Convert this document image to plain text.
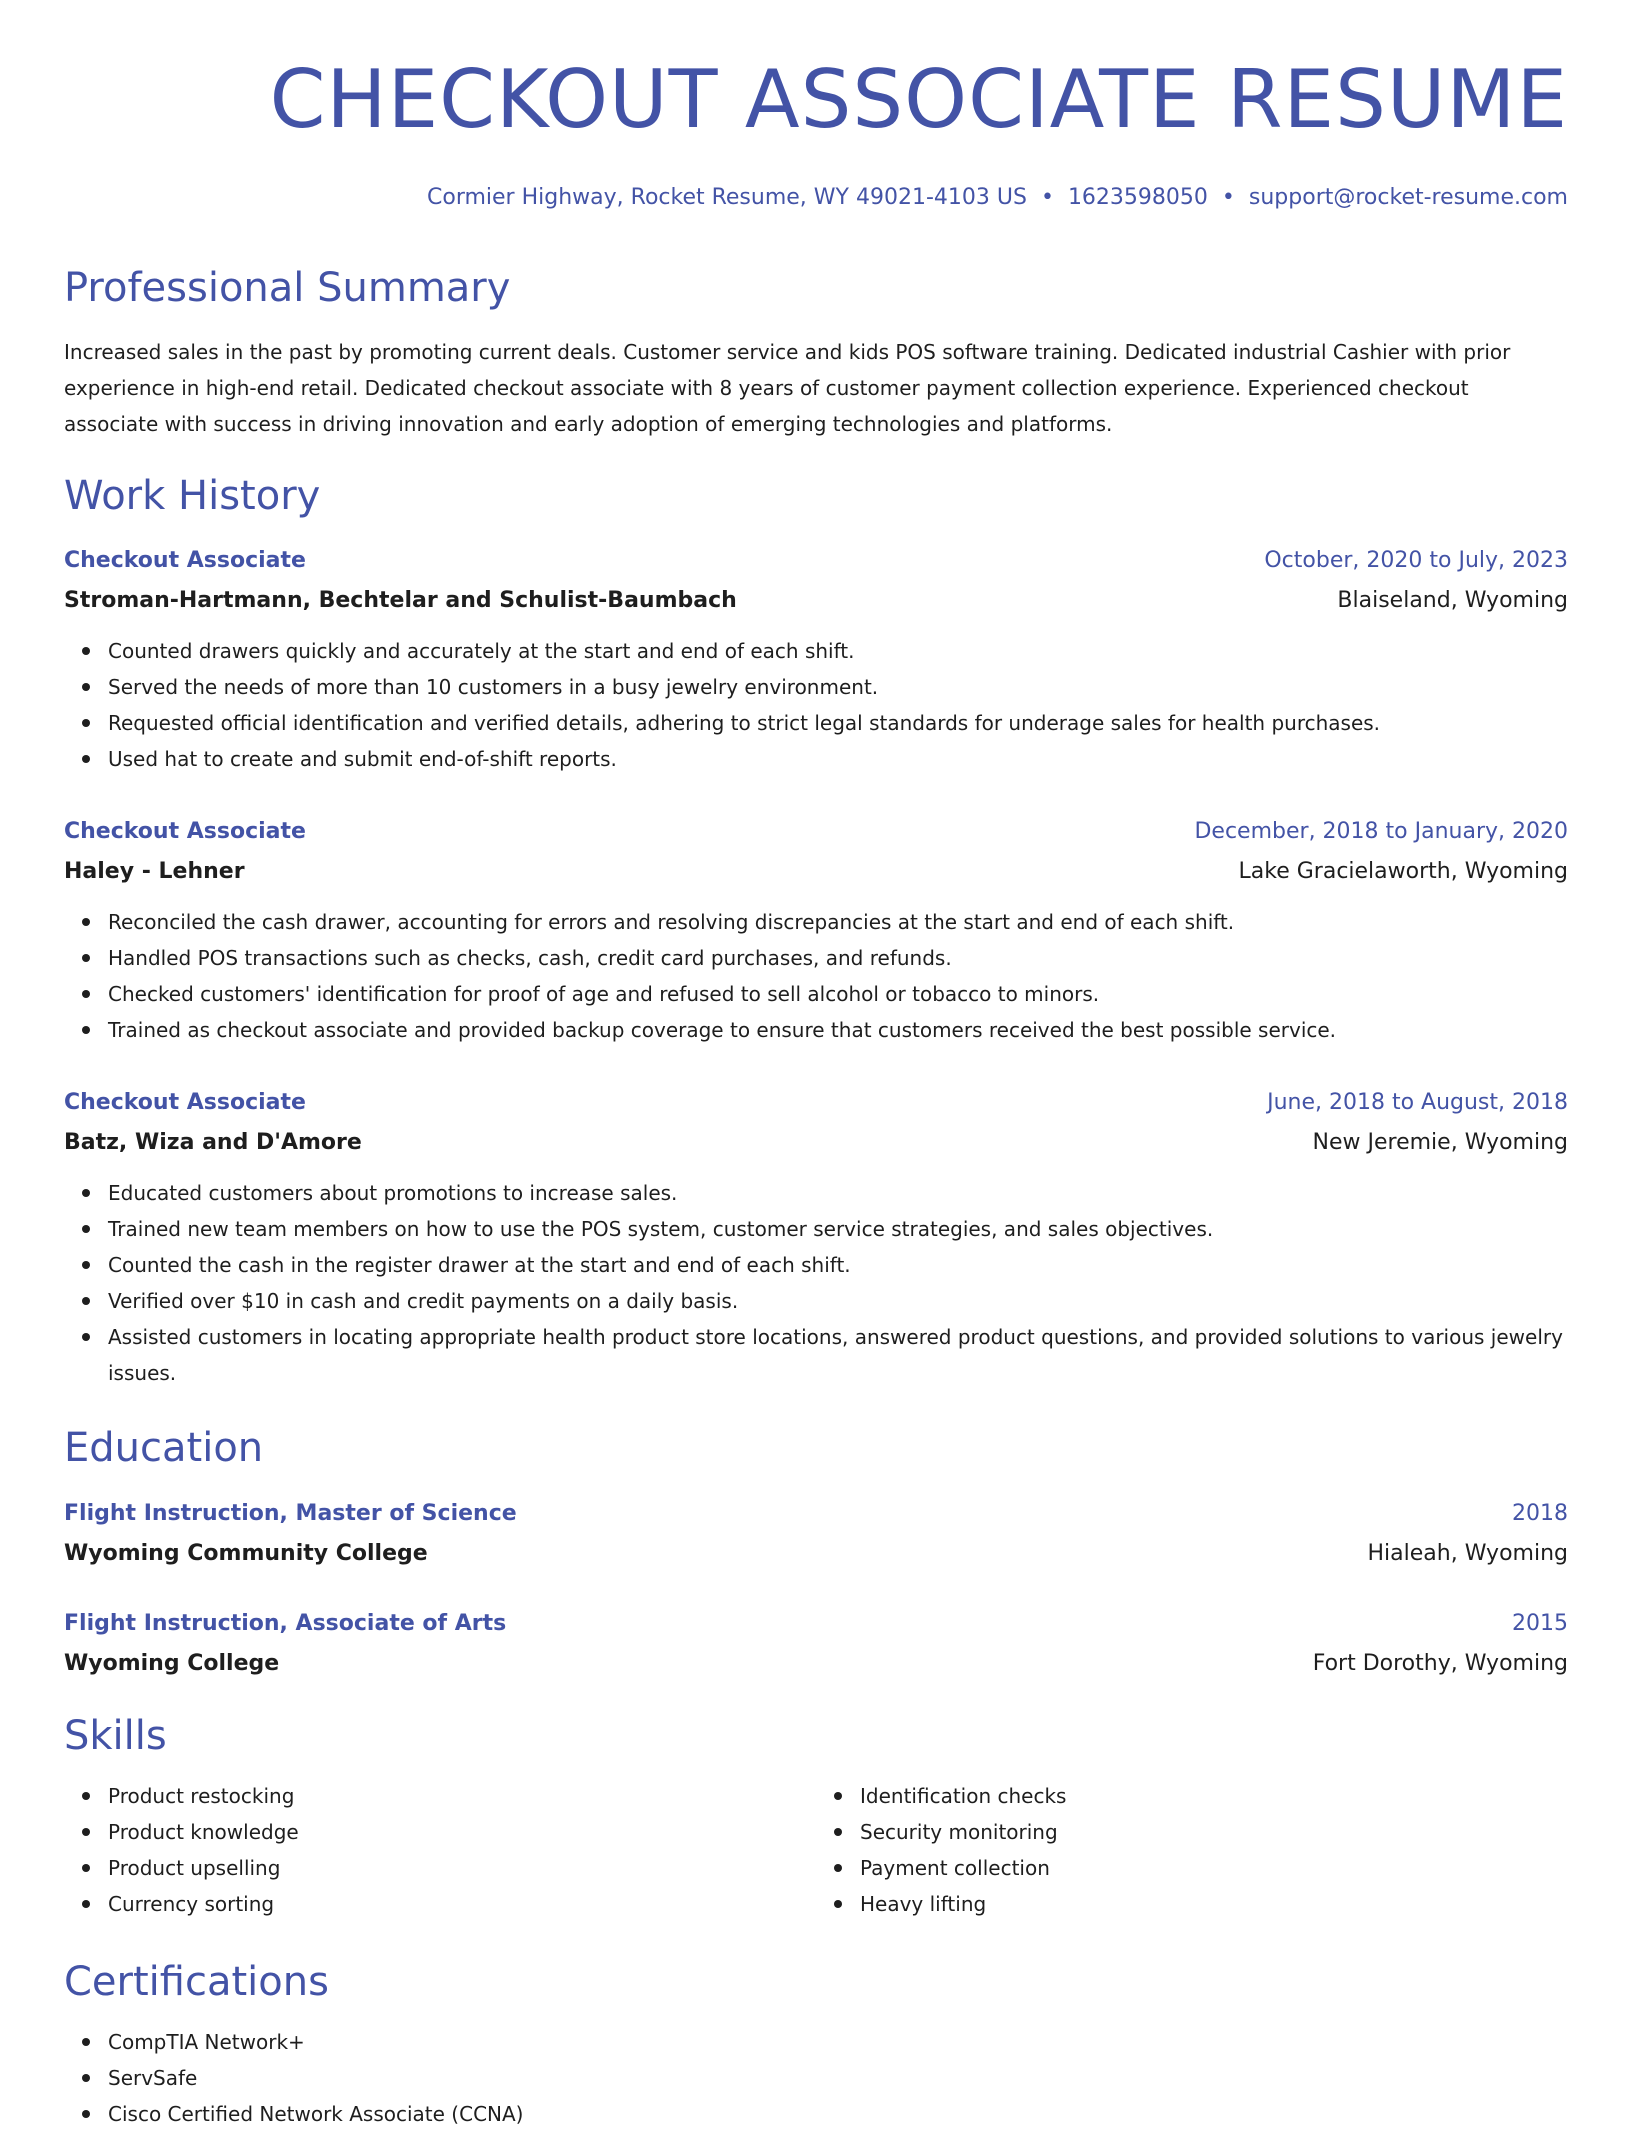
CHECKOUT ASSOCIATE RESUME
Cormier Highway, Rocket Resume, WY 49021-4103 US • 1623598050 • support@rocket-resume.com
Professional Summary

Increased sales in the past by promoting current deals. Customer service and kids POS software training. Dedicated industrial Cashier with prior experience in high-end retail. Dedicated checkout associate with 8 years of customer payment collection experience. Experienced checkout associate with success in driving innovation and early adoption of emerging technologies and platforms.

Work History
Checkout Associate	October, 2020 to July, 2023
Stroman-Hartmann, Bechtelar and Schulist-Baumbach	Blaiseland, Wyoming
Counted drawers quickly and accurately at the start and end of each shift.
Served the needs of more than 10 customers in a busy jewelry environment.
Requested official identification and verified details, adhering to strict legal standards for underage sales for health purchases.
Used hat to create and submit end-of-shift reports.
Checkout Associate	December, 2018 to January, 2020
Haley - Lehner	Lake Gracielaworth, Wyoming
Reconciled the cash drawer, accounting for errors and resolving discrepancies at the start and end of each shift.
Handled POS transactions such as checks, cash, credit card purchases, and refunds.
Checked customers' identification for proof of age and refused to sell alcohol or tobacco to minors.
Trained as checkout associate and provided backup coverage to ensure that customers received the best possible service.
Checkout Associate	June, 2018 to August, 2018
Batz, Wiza and D'Amore	New Jeremie, Wyoming
Educated customers about promotions to increase sales.
Trained new team members on how to use the POS system, customer service strategies, and sales objectives.
Counted the cash in the register drawer at the start and end of each shift.
Verified over $10 in cash and credit payments on a daily basis.
Assisted customers in locating appropriate health product store locations, answered product questions, and provided solutions to various jewelry issues.
Education
Flight Instruction, Master of Science	2018
Wyoming Community College	Hialeah, Wyoming
Flight Instruction, Associate of Arts	2015
Wyoming College	Fort Dorothy, Wyoming
Skills
Product restocking
Product knowledge
Product upselling
Currency sorting
Identification checks
Security monitoring
Payment collection
Heavy lifting
Certifications
CompTIA Network+
ServSafe
Cisco Certified Network Associate (CCNA)
